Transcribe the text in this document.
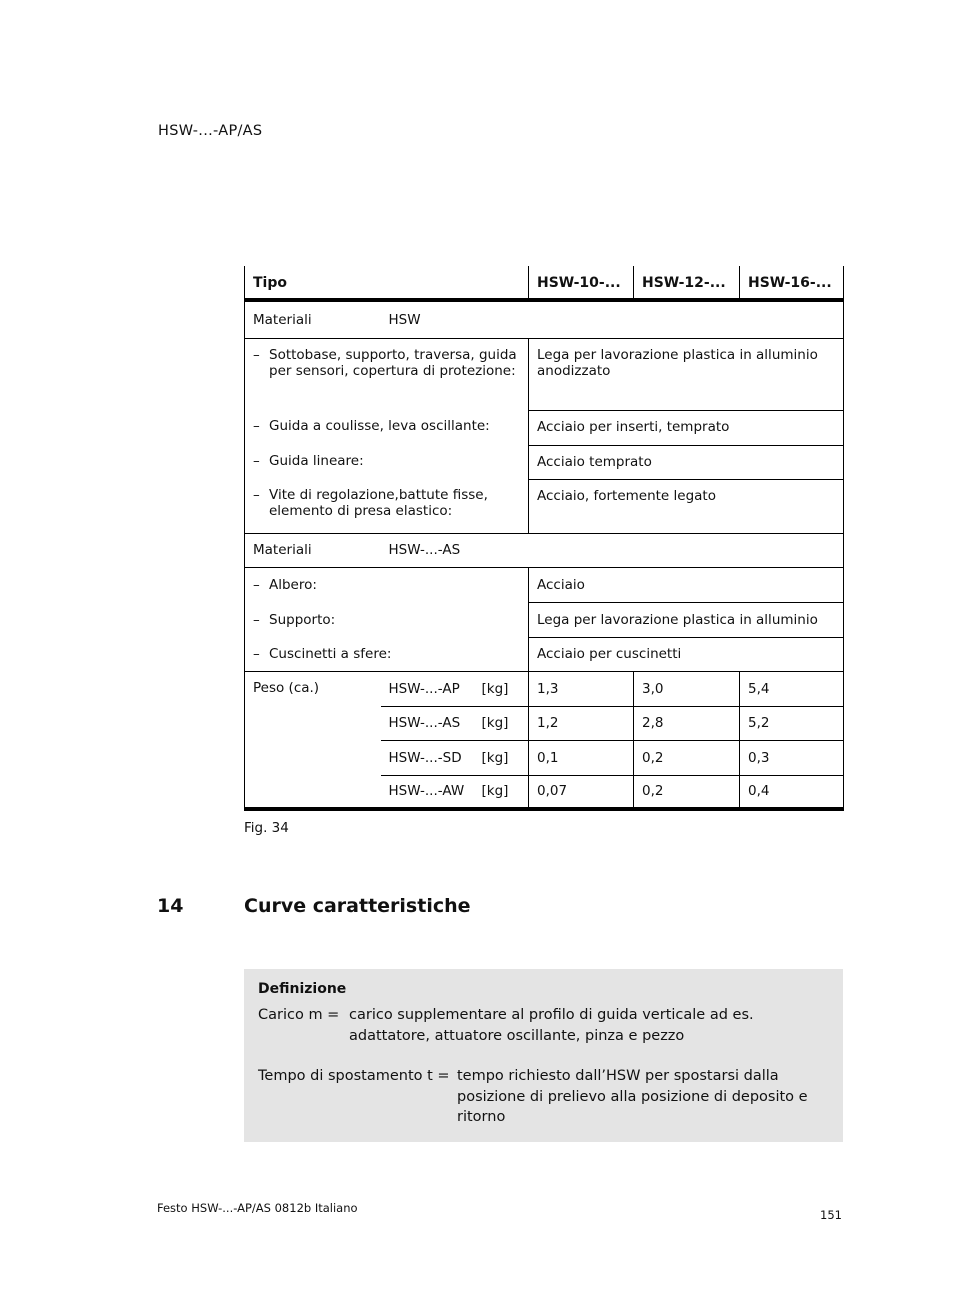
HSW-...-AP/AS
Tipo			HSW-10-...	HSW-12-...	HSW-16-...
Materiali	HSW				
– Sottobase, supporto, traversa, guida per sensori, copertura di protezione:			Lega per lavorazione plastica in alluminio anodizzato		
– Guida a coulisse, leva oscillante:			Acciaio per inserti, temprato		
– Guida lineare:			Acciaio temprato		
– Vite di regolazione,battute fisse, elemento di presa elastico:			Acciaio, fortemente legato		
Materiali	HSW-...-AS				
– Albero:			Acciaio		
– Supporto:			Lega per lavorazione plastica in alluminio		
– Cuscinetti a sfere:			Acciaio per cuscinetti		
Peso (ca.)	HSW-...-AP	[kg]	1,3	3,0	5,4
	HSW-...-AS	[kg]	1,2	2,8	5,2
	HSW-...-SD	[kg]	0,1	0,2	0,3
	HSW-...-AW	[kg]	0,07	0,2	0,4
Fig. 34
14	Curve caratteristiche
Definizione
Carico m = carico supplementare al profilo di guida verticale ad es. adattatore, attuatore oscillante, pinza e pezzo
Tempo di spostamento t = tempo richiesto dall’HSW per spostarsi dalla posizione di prelievo alla posizione di deposito e ritorno
Festo HSW-...-AP/AS 0812b Italiano	151
